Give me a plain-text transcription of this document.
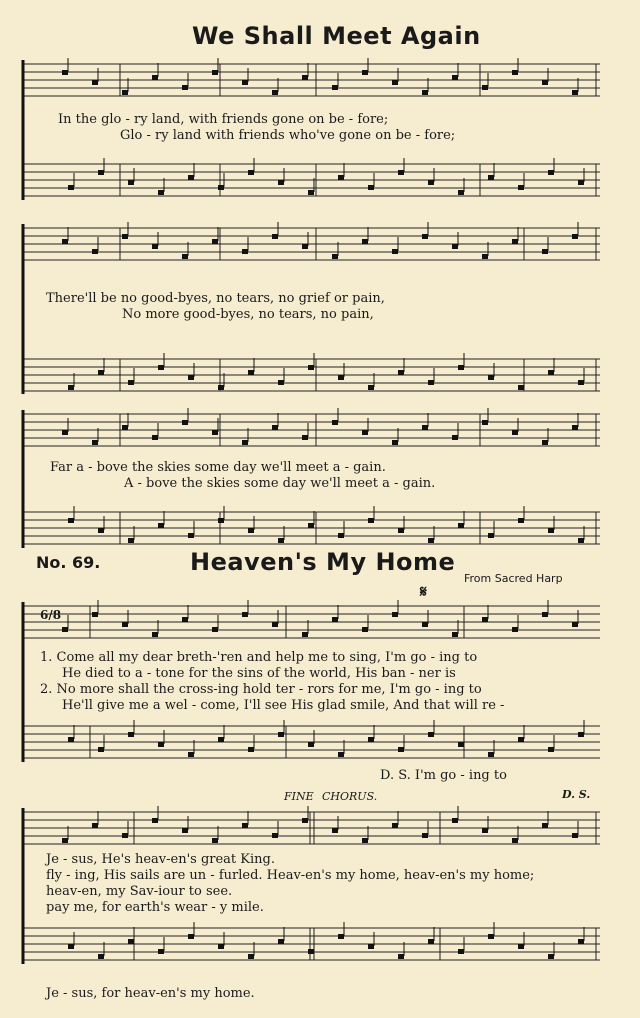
We Shall Meet Again
In the glo - ry land, with friends gone on be - fore;
Glo - ry land with friends who've gone on be - fore;
There'll be no good-byes, no tears, no grief or pain,
No more good-byes, no tears, no pain,
Far a - bove the skies some day we'll meet a - gain.
A - bove the skies some day we'll meet a - gain.
No. 69.	Heaven's My Home
From Sacred Harp
𝄋
6/8
1. Come all my dear breth-'ren and help me to sing, I'm go - ing to
He died to a - tone for the sins of the world, His ban - ner is
2. No more shall the cross-ing hold ter - rors for me, I'm go - ing to
He'll give me a wel - come, I'll see His glad smile, And that will re -
D. S. I'm go - ing to
FINE CHORUS.	D. S.
Je - sus, He's heav-en's great King.
fly - ing, His sails are un - furled. Heav-en's my home, heav-en's my home;
heav-en, my Sav-iour to see.
pay me, for earth's wear - y mile.
Je - sus, for heav-en's my home.
